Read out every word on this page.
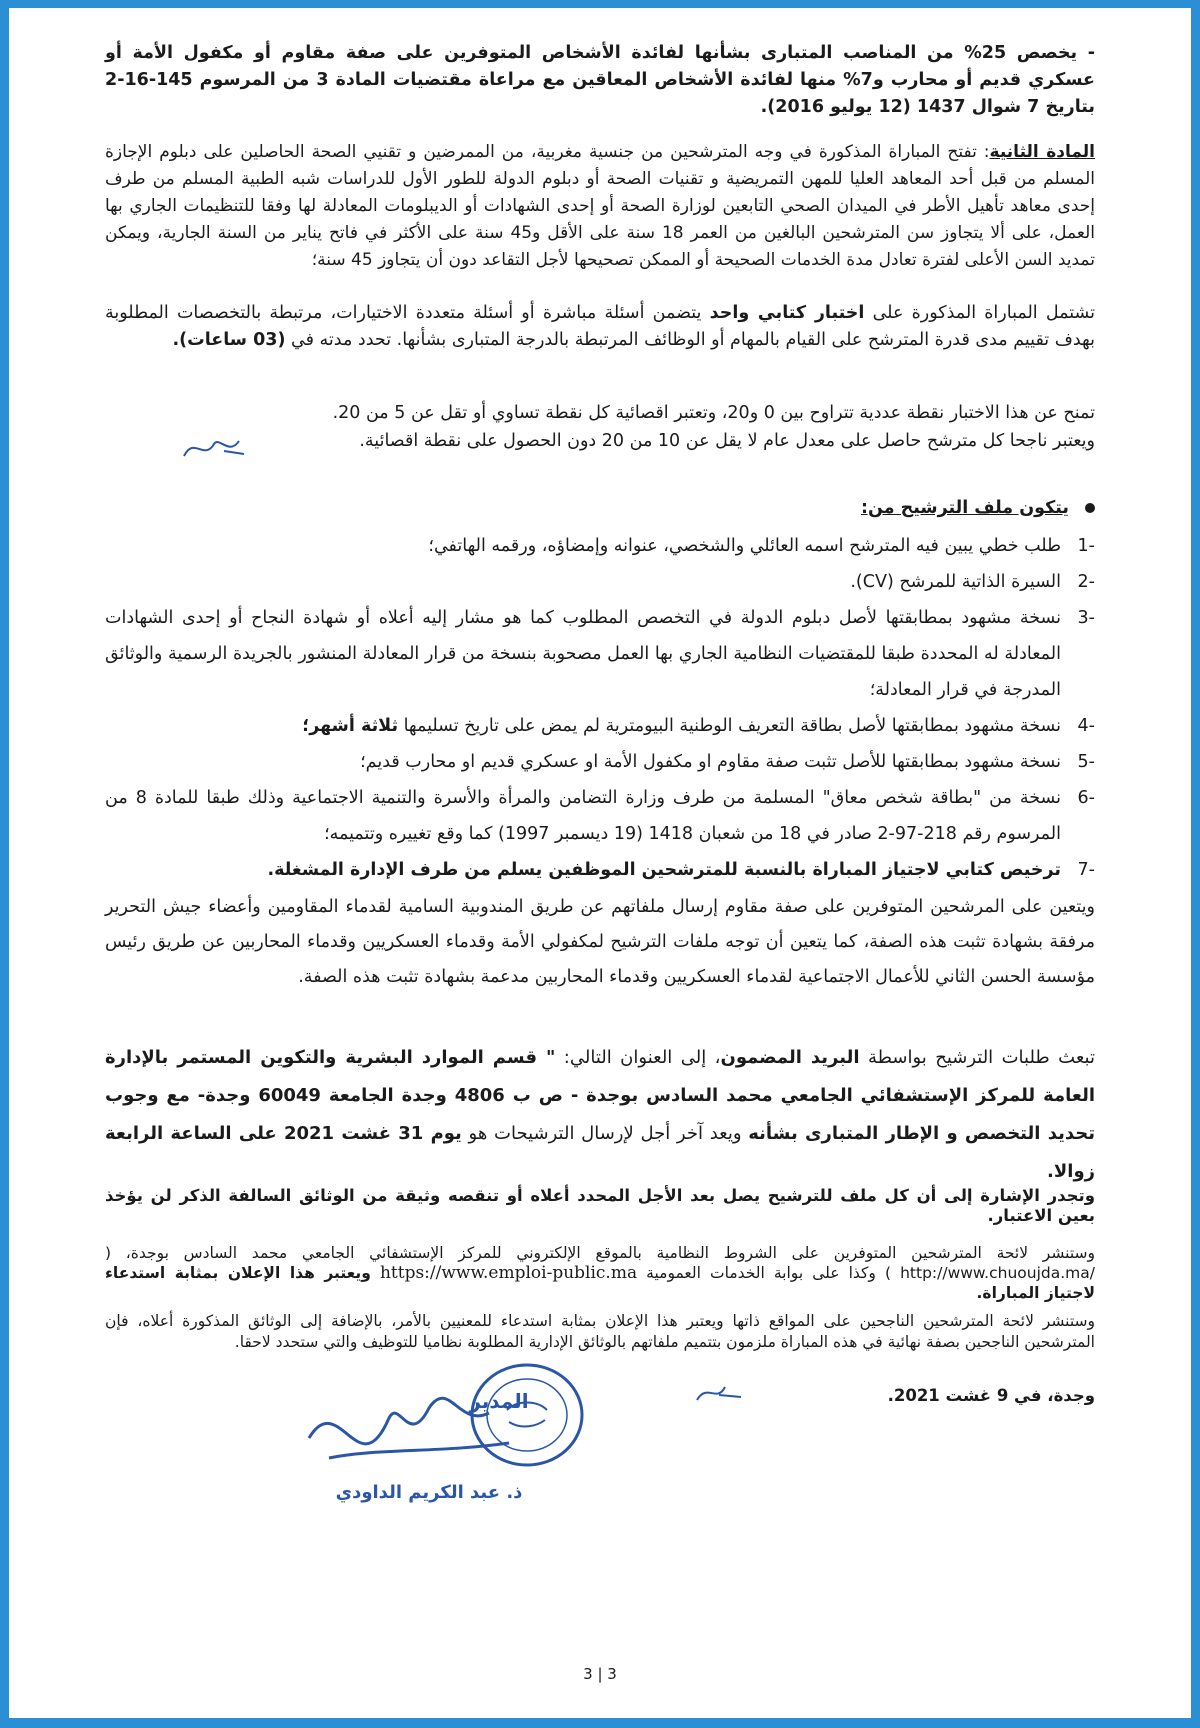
- يخصص 25% من المناصب المتبارى بشأنها لفائدة الأشخاص المتوفرين على صفة مقاوم أو مكفول الأمة أو عسكري قديم أو محارب و7% منها لفائدة الأشخاص المعاقين مع مراعاة مقتضيات المادة 3 من المرسوم 145-16-2 بتاريخ 7 شوال 1437 (12 يوليو 2016).
المادة الثانية: تفتح المباراة المذكورة في وجه المترشحين من جنسية مغربية، من الممرضين و تقنيي الصحة الحاصلين على دبلوم الإجازة المسلم من قبل أحد المعاهد العليا للمهن التمريضية و تقنيات الصحة أو دبلوم الدولة للطور الأول للدراسات شبه الطبية المسلم من طرف إحدى معاهد تأهيل الأطر في الميدان الصحي التابعين لوزارة الصحة أو إحدى الشهادات أو الديبلومات المعادلة لها وفقا للتنظيمات الجاري بها العمل، على ألا يتجاوز سن المترشحين البالغين من العمر 18 سنة على الأقل و45 سنة على الأكثر في فاتح يناير من السنة الجارية، ويمكن تمديد السن الأعلى لفترة تعادل مدة الخدمات الصحيحة أو الممكن تصحيحها لأجل التقاعد دون أن يتجاوز 45 سنة؛
تشتمل المباراة المذكورة على اختبار كتابي واحد يتضمن أسئلة مباشرة أو أسئلة متعددة الاختيارات، مرتبطة بالتخصصات المطلوبة بهدف تقييم مدى قدرة المترشح على القيام بالمهام أو الوظائف المرتبطة بالدرجة المتبارى بشأنها. تحدد مدته في (03 ساعات).
تمنح عن هذا الاختبار نقطة عددية تتراوح بين 0 و20، وتعتبر اقصائية كل نقطة تساوي أو تقل عن 5 من 20.
ويعتبر ناجحا كل مترشح حاصل على معدل عام لا يقل عن 10 من 20 دون الحصول على نقطة اقصائية.
يتكون ملف الترشيح من:
-1
طلب خطي يبين فيه المترشح اسمه العائلي والشخصي، عنوانه وإمضاؤه، ورقمه الهاتفي؛
-2
السيرة الذاتية للمرشح (CV).
-3
نسخة مشهود بمطابقتها لأصل دبلوم الدولة في التخصص المطلوب كما هو مشار إليه أعلاه أو شهادة النجاح أو إحدى الشهادات المعادلة له المحددة طبقا للمقتضيات النظامية الجاري بها العمل مصحوبة بنسخة من قرار المعادلة المنشور بالجريدة الرسمية والوثائق المدرجة في قرار المعادلة؛
-4
نسخة مشهود بمطابقتها لأصل بطاقة التعريف الوطنية البيومترية لم يمض على تاريخ تسليمها ثلاثة أشهر؛
-5
نسخة مشهود بمطابقتها للأصل تثبت صفة مقاوم او مكفول الأمة او عسكري قديم او محارب قديم؛
-6
نسخة من "بطاقة شخص معاق" المسلمة من طرف وزارة التضامن والمرأة والأسرة والتنمية الاجتماعية وذلك طبقا للمادة 8 من المرسوم رقم 218-97-2 صادر في 18 من شعبان 1418 (19 ديسمبر 1997) كما وقع تغييره وتتميمه؛
-7
ترخيص كتابي لاجتياز المباراة بالنسبة للمترشحين الموظفين يسلم من طرف الإدارة المشغلة.
ويتعين على المرشحين المتوفرين على صفة مقاوم إرسال ملفاتهم عن طريق المندوبية السامية لقدماء المقاومين وأعضاء جيش التحرير مرفقة بشهادة تثبت هذه الصفة، كما يتعين أن توجه ملفات الترشيح لمكفولي الأمة وقدماء العسكريين وقدماء المحاربين عن طريق رئيس مؤسسة الحسن الثاني للأعمال الاجتماعية لقدماء العسكريين وقدماء المحاربين مدعمة بشهادة تثبت هذه الصفة.
تبعث طلبات الترشيح بواسطة البريد المضمون، إلى العنوان التالي: " قسم الموارد البشرية والتكوين المستمر بالإدارة العامة للمركز الإستشفائي الجامعي محمد السادس بوجدة - ص ب 4806 وجدة الجامعة 60049 وجدة- مع وجوب تحديد التخصص و الإطار المتبارى بشأنه ويعد آخر أجل لإرسال الترشيحات هو يوم 31 غشت 2021 على الساعة الرابعة زوالا.
وتجدر الإشارة إلى أن كل ملف للترشيح يصل بعد الأجل المحدد أعلاه أو تنقصه وثيقة من الوثائق السالفة الذكر لن يؤخذ بعين الاعتبار.
وستنشر لائحة المترشحين المتوفرين على الشروط النظامية بالموقع الإلكتروني للمركز الإستشفائي الجامعي محمد السادس بوجدة، ( http://www.chuoujda.ma/ ) وكذا على بوابة الخدمات العمومية https://www.emploi-public.ma ويعتبر هذا الإعلان بمثابة استدعاء لاجتياز المباراة.
وستنشر لائحة المترشحين الناجحين على المواقع ذاتها ويعتبر هذا الإعلان بمثابة استدعاء للمعنيين بالأمر، بالإضافة إلى الوثائق المذكورة أعلاه، فإن المترشحين الناجحين بصفة نهائية في هذه المباراة ملزمون بتتميم ملفاتهم بالوثائق الإدارية المطلوبة نظاميا للتوظيف والتي ستحدد لاحقا.
وجدة، في 9 غشت 2021.
المدير
ذ. عبد الكريم الداودي
3 | 3
